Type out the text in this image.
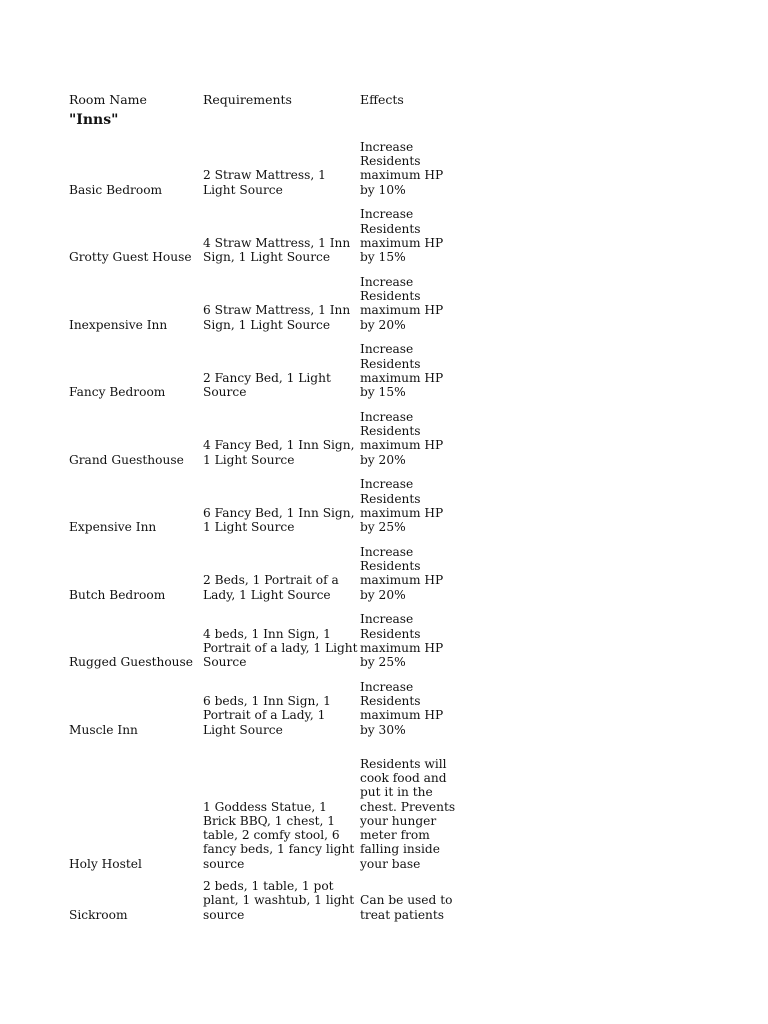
Room Name	Requirements	Effects
"Inns"
Basic Bedroom
2 Straw Mattress, 1 Light Source
Increase Residents maximum HP by 10%
Grotty Guest House
4 Straw Mattress, 1 Inn Sign, 1 Light Source
Increase Residents maximum HP by 15%
Inexpensive Inn
6 Straw Mattress, 1 Inn Sign, 1 Light Source
Increase Residents maximum HP by 20%
Fancy Bedroom
2 Fancy Bed, 1 Light Source
Increase Residents maximum HP by 15%
Grand Guesthouse
4 Fancy Bed, 1 Inn Sign, 1 Light Source
Increase Residents maximum HP by 20%
Expensive Inn
6 Fancy Bed, 1 Inn Sign, 1 Light Source
Increase Residents maximum HP by 25%
Butch Bedroom
2 Beds, 1 Portrait of a Lady, 1 Light Source
Increase Residents maximum HP by 20%
Rugged Guesthouse
4 beds, 1 Inn Sign, 1 Portrait of a lady, 1 Light Source
Increase Residents maximum HP by 25%
Muscle Inn
6 beds, 1 Inn Sign, 1 Portrait of a Lady, 1 Light Source
Increase Residents maximum HP by 30%
Holy Hostel
1 Goddess Statue, 1 Brick BBQ, 1 chest, 1 table, 2 comfy stool, 6 fancy beds, 1 fancy light source
Residents will cook food and put it in the chest. Prevents your hunger meter from falling inside your base
Sickroom
2 beds, 1 table, 1 pot plant, 1 washtub, 1 light source
Can be used to treat patients
